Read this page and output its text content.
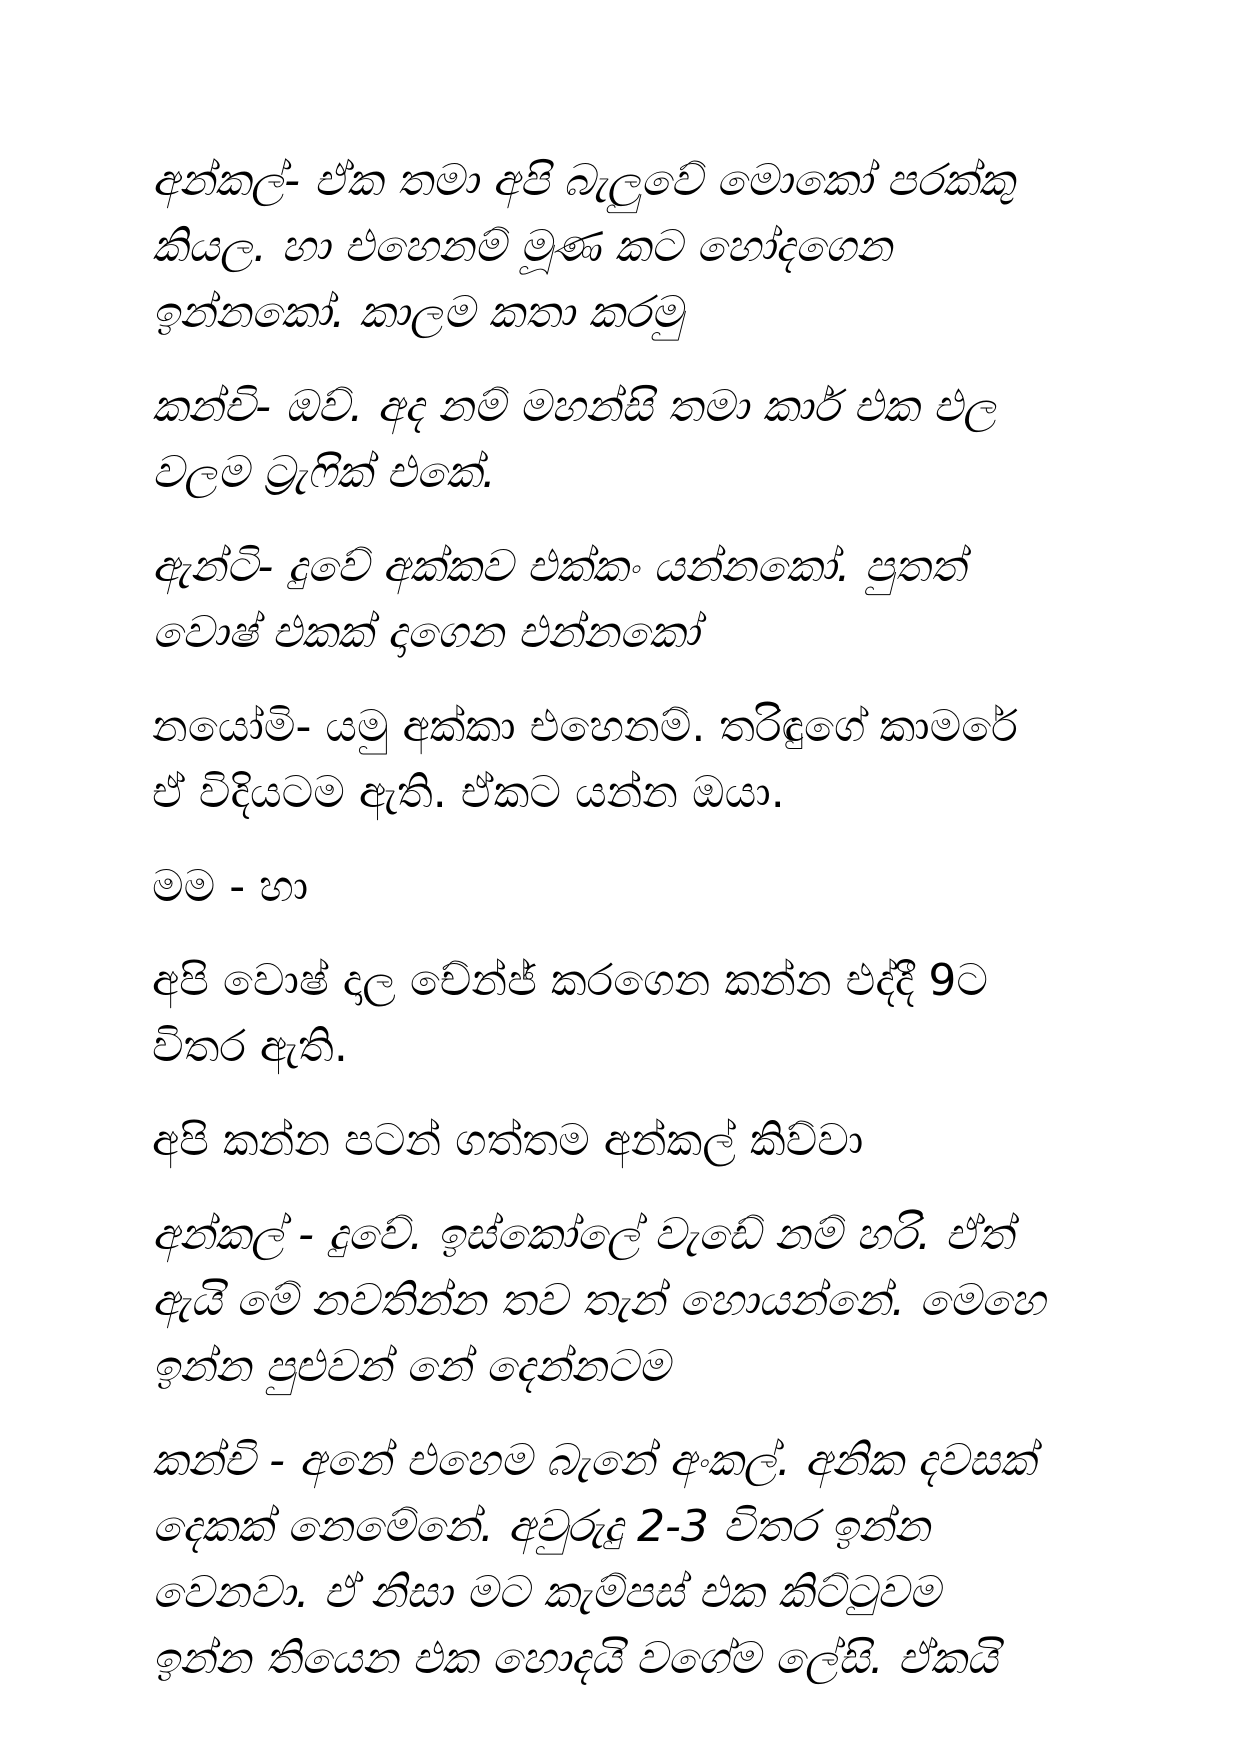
අන්කල්- ඒක තමා අපි බැලුවේ මොකෝ පරක්කු
කියල. හා එහෙනම් මූණ කට හෝදගෙන
ඉන්නකෝ. කාලම කතා කරමු

කන්චි- ඔව්. අද නම් මහන්සි තමා කාර් එක එල
වලම ට්‍රැෆික් එකේ.

ඇන්ටි- දුවේ අක්කව එක්කං යන්නකෝ. පුතත්
වොෂ් එකක් දාගෙන එන්නකෝ

නයෝමි- යමු අක්කා එහෙනම්. තරිඳුගේ කාමරේ
ඒ විදියටම ඇති. ඒකට යන්න ඔයා.

මම - හා

අපි වොෂ් දාල චේන්ජ් කරගෙන කන්න එද්දී 9ට
විතර ඇති.

අපි කන්න පටන් ගත්තම අන්කල් කිව්වා

අන්කල් - දුවේ. ඉස්කෝලේ වැඩේ නම් හරි. ඒත්
ඇයි මේ නවතින්න තව තැන් හොයන්නේ. මෙහෙ
ඉන්න පුළුවන් නේ දෙන්නටම

කන්චි - අනේ එහෙම බැනේ අංකල්. අනික දවසක්
දෙකක් නෙමේනේ. අවුරුදු 2-3 විතර ඉන්න
වෙනවා. ඒ නිසා මට කැම්පස් එක කිට්ටුවම
ඉන්න තියෙන එක හොදයි වගේම ලේසි. ඒකයි
